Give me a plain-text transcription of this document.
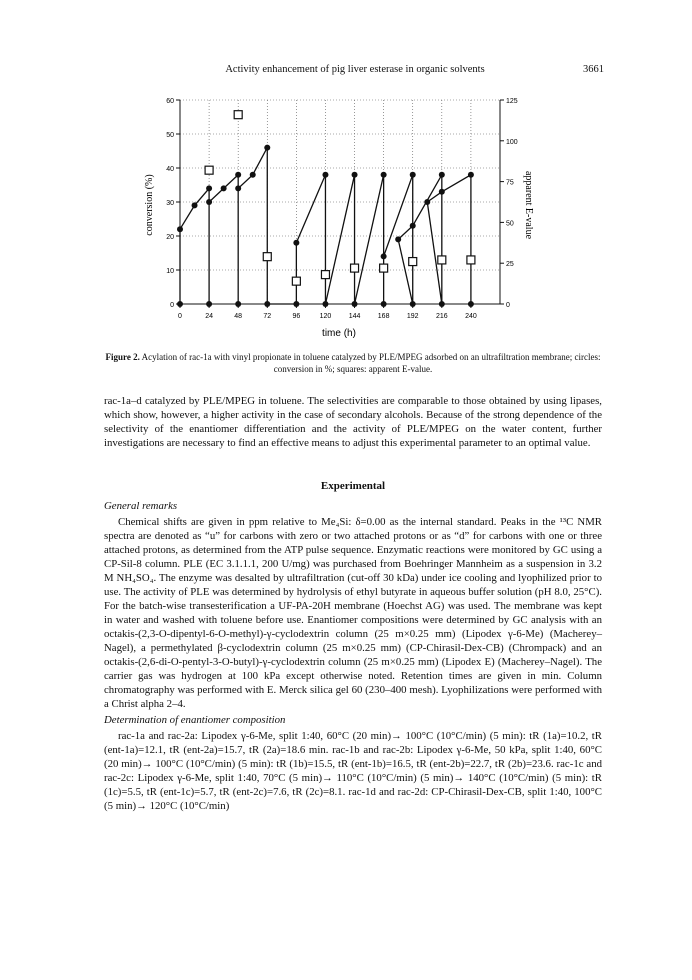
Activity enhancement of pig liver esterase in organic solvents	3661
0
10
20
30
40
50
60
0
25
50
75
100
125
0	24	48	72	96	120 144 168 192 216 240
time (h)
conversion (%)	apparent E-value
Figure 2. Acylation of rac-1a with vinyl propionate in toluene catalyzed by PLE/MPEG adsorbed on an ultrafiltration membrane; circles: conversion in %; squares: apparent E-value.

rac-1a–d catalyzed by PLE/MPEG in toluene. The selectivities are comparable to those obtained by using lipases, which show, however, a higher activity in the case of secondary alcohols. Because of the strong dependence of the selectivity of the enantiomer differentiation and the activity of PLE/MPEG on the water content, further investigations are necessary to find an effective means to adjust this experimental parameter to an optimal value.

Experimental
General remarks

Chemical shifts are given in ppm relative to Me₄Si: δ=0.00 as the internal standard. Peaks in the ¹³C NMR spectra are denoted as “u” for carbons with zero or two attached protons or as “d” for carbons with one or three attached protons, as determined from the ATP pulse sequence. Enzymatic reactions were monitored by GC using a CP-Sil-8 column. PLE (EC 3.1.1.1, 200 U/mg) was purchased from Boehringer Mannheim as a suspension in 3.2 M NH₄SO₄. The enzyme was desalted by ultrafiltration (cut-off 30 kDa) under ice cooling and lyophilized prior to use. The activity of PLE was determined by hydrolysis of ethyl butyrate in aqueous buffer solution (pH 8.0, 25°C). For the batch-wise transesterification a UF-PA-20H membrane (Hoechst AG) was used. The membrane was kept in water and washed with toluene before use. Enantiomer compositions were determined by GC analysis with an octakis-(2,3-O-dipentyl-6-O-methyl)-γ-cyclodextrin column (25 m×0.25 mm) (Lipodex γ-6-Me) (Macherey–Nagel), a permethylated β-cyclodextrin column (25 m×0.25 mm) (CP-Chirasil-Dex-CB) (Chrompack) and an octakis-(2,6-di-O-pentyl-3-O-butyl)-γ-cyclodextrin column (25 m×0.25 mm) (Lipodex E) (Macherey–Nagel). The carrier gas was hydrogen at 100 kPa except otherwise noted. Retention times are given in min. Column chromatography was performed with E. Merck silica gel 60 (230–400 mesh). Lyophilizations were performed with a Christ alpha 2–4.

Determination of enantiomer composition

rac-1a and rac-2a: Lipodex γ-6-Me, split 1:40, 60°C (20 min)→ 100°C (10°C/min) (5 min): tR (1a)=10.2, tR (ent-1a)=12.1, tR (ent-2a)=15.7, tR (2a)=18.6 min. rac-1b and rac-2b: Lipodex γ-6-Me, 50 kPa, split 1:40, 60°C (20 min)→ 100°C (10°C/min) (5 min): tR (1b)=15.5, tR (ent-1b)=16.5, tR (ent-2b)=22.7, tR (2b)=23.6. rac-1c and rac-2c: Lipodex γ-6-Me, split 1:40, 70°C (5 min)→ 110°C (10°C/min) (5 min)→ 140°C (10°C/min) (5 min): tR (1c)=5.5, tR (ent-1c)=5.7, tR (ent-2c)=7.6, tR (2c)=8.1. rac-1d and rac-2d: CP-Chirasil-Dex-CB, split 1:40, 100°C (5 min)→ 120°C (10°C/min)
